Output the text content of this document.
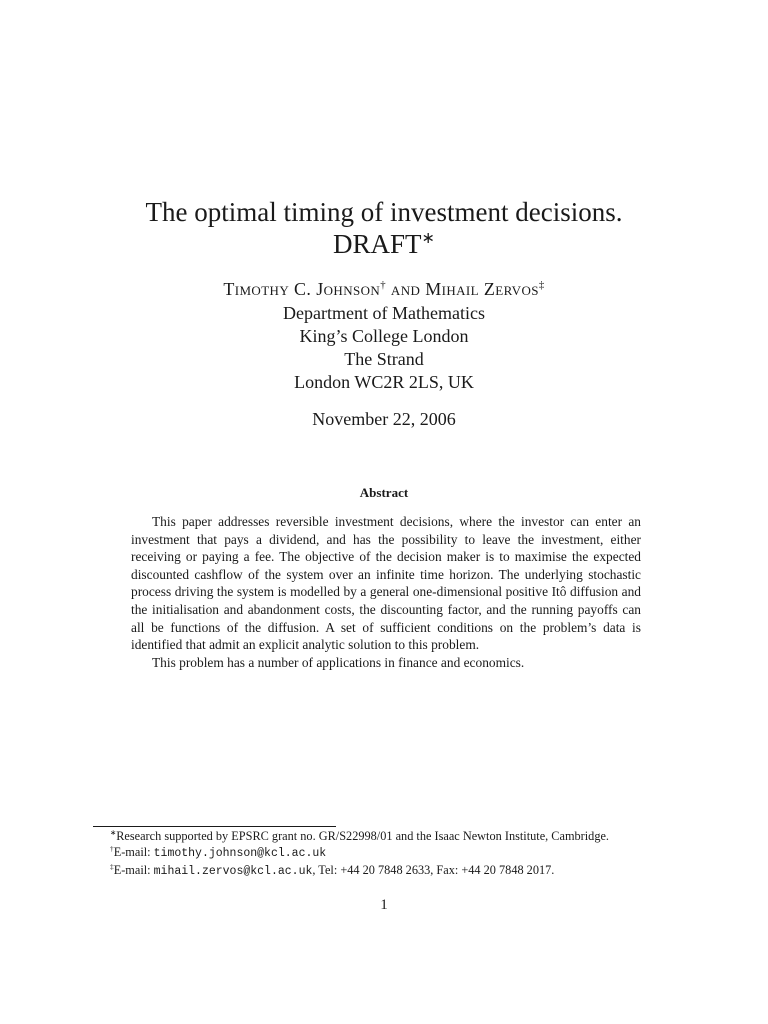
The optimal timing of investment decisions.
DRAFT∗
Timothy C. Johnson† and Mihail Zervos‡
Department of Mathematics
King’s College London
The Strand
London WC2R 2LS, UK
November 22, 2006
Abstract

This paper addresses reversible investment decisions, where the investor can enter an investment that pays a dividend, and has the possibility to leave the investment, either receiving or paying a fee. The objective of the decision maker is to maximise the expected discounted cashflow of the system over an infinite time horizon. The underlying stochastic process driving the system is modelled by a general one-dimensional positive Itô diffusion and the initialisation and abandonment costs, the discounting factor, and the running payoffs can all be functions of the diffusion. A set of sufficient conditions on the problem’s data is identified that admit an explicit analytic solution to this problem.

This problem has a number of applications in finance and economics.

∗Research supported by EPSRC grant no. GR/S22998/01 and the Isaac Newton Institute, Cambridge.
†E-mail: timothy.johnson@kcl.ac.uk
‡E-mail: mihail.zervos@kcl.ac.uk, Tel: +44 20 7848 2633, Fax: +44 20 7848 2017.
1
